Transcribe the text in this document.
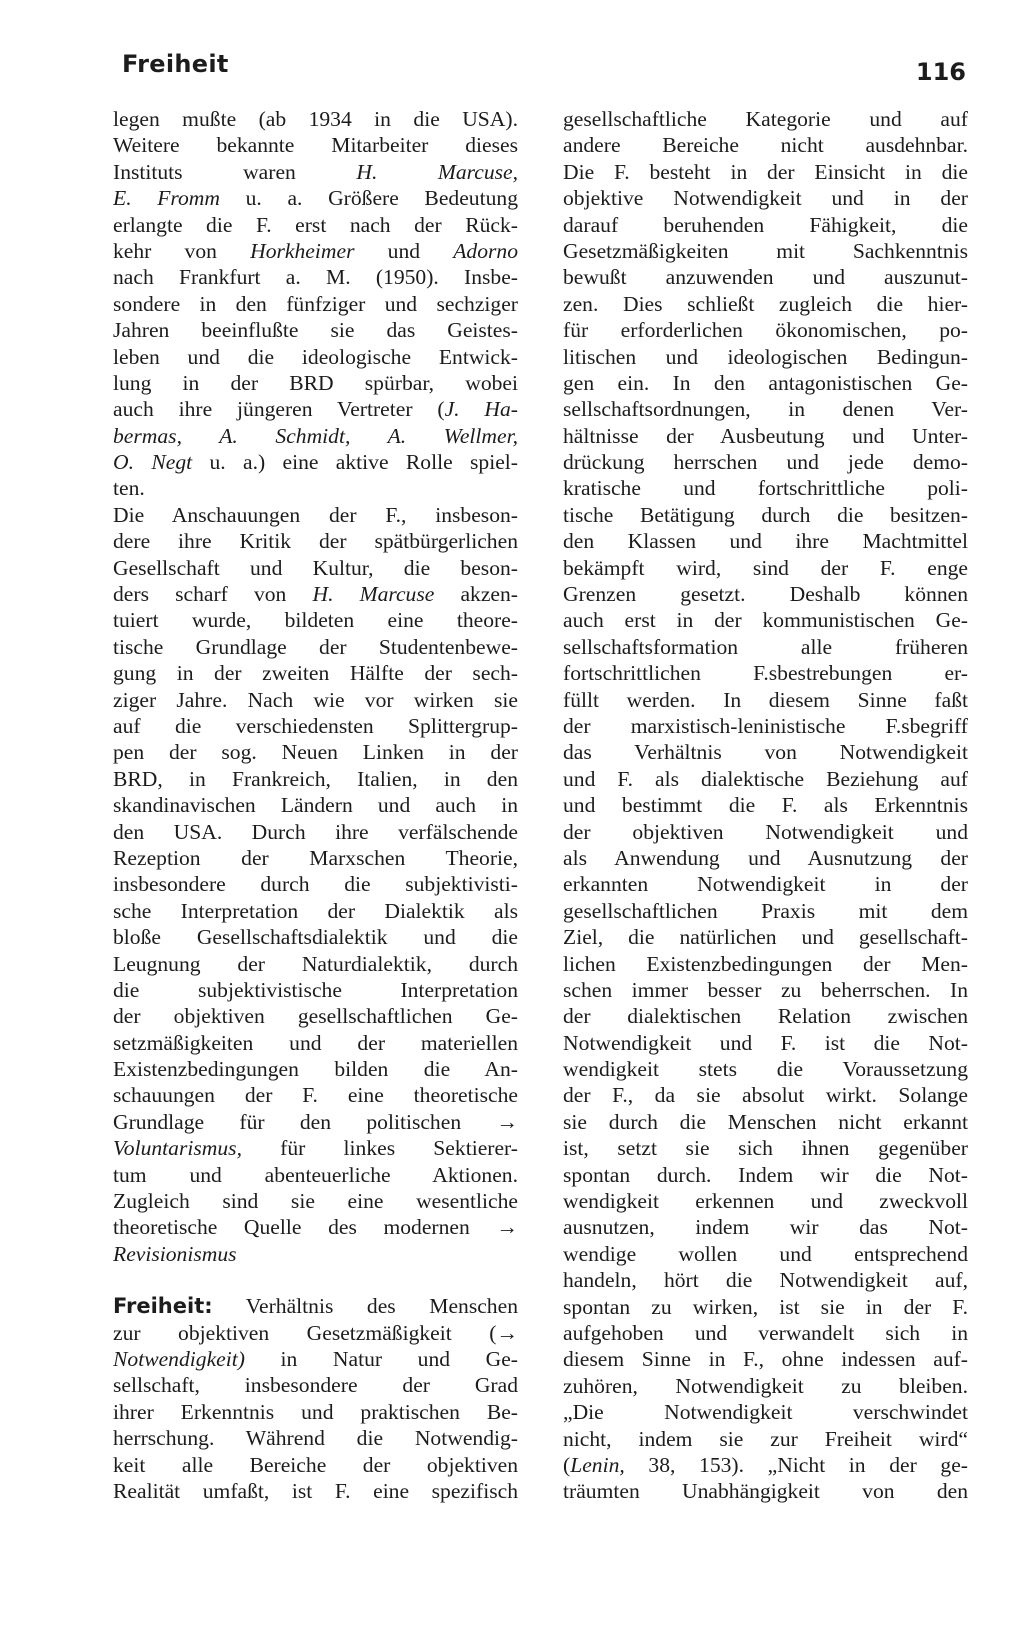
Freiheit	116
legen mußte (ab 1934 in die USA).
Weitere bekannte Mitarbeiter dieses
Instituts waren H. Marcuse,
E. Fromm u. a. Größere Bedeutung
erlangte die F. erst nach der Rück-
kehr von Horkheimer und Adorno
nach Frankfurt a. M. (1950). Insbe-
sondere in den fünfziger und sechziger
Jahren beeinflußte sie das Geistes-
leben und die ideologische Entwick-
lung in der BRD spürbar, wobei
auch ihre jüngeren Vertreter (J. Ha-
bermas, A. Schmidt, A. Wellmer,
O. Negt u. a.) eine aktive Rolle spiel-
ten.
Die Anschauungen der F., insbeson-
dere ihre Kritik der spätbürgerlichen
Gesellschaft und Kultur, die beson-
ders scharf von H. Marcuse akzen-
tuiert wurde, bildeten eine theore-
tische Grundlage der Studentenbewe-
gung in der zweiten Hälfte der sech-
ziger Jahre. Nach wie vor wirken sie
auf die verschiedensten Splittergrup-
pen der sog. Neuen Linken in der
BRD, in Frankreich, Italien, in den
skandinavischen Ländern und auch in
den USA. Durch ihre verfälschende
Rezeption der Marxschen Theorie,
insbesondere durch die subjektivisti-
sche Interpretation der Dialektik als
bloße Gesellschaftsdialektik und die
Leugnung der Naturdialektik, durch
die subjektivistische Interpretation
der objektiven gesellschaftlichen Ge-
setzmäßigkeiten und der materiellen
Existenzbedingungen bilden die An-
schauungen der F. eine theoretische
Grundlage für den politischen →
Voluntarismus, für linkes Sektierer-
tum und abenteuerliche Aktionen.
Zugleich sind sie eine wesentliche
theoretische Quelle des modernen →
Revisionismus
Freiheit: Verhältnis des Menschen
zur objektiven Gesetzmäßigkeit (→
Notwendigkeit) in Natur und Ge-
sellschaft, insbesondere der Grad
ihrer Erkenntnis und praktischen Be-
herrschung. Während die Notwendig-
keit alle Bereiche der objektiven
Realität umfaßt, ist F. eine spezifisch
gesellschaftliche Kategorie und auf
andere Bereiche nicht ausdehnbar.
Die F. besteht in der Einsicht in die
objektive Notwendigkeit und in der
darauf beruhenden Fähigkeit, die
Gesetzmäßigkeiten mit Sachkenntnis
bewußt anzuwenden und auszunut-
zen. Dies schließt zugleich die hier-
für erforderlichen ökonomischen, po-
litischen und ideologischen Bedingun-
gen ein. In den antagonistischen Ge-
sellschaftsordnungen, in denen Ver-
hältnisse der Ausbeutung und Unter-
drückung herrschen und jede demo-
kratische und fortschrittliche poli-
tische Betätigung durch die besitzen-
den Klassen und ihre Machtmittel
bekämpft wird, sind der F. enge
Grenzen gesetzt. Deshalb können
auch erst in der kommunistischen Ge-
sellschaftsformation alle früheren
fortschrittlichen F.sbestrebungen er-
füllt werden. In diesem Sinne faßt
der marxistisch-leninistische F.sbegriff
das Verhältnis von Notwendigkeit
und F. als dialektische Beziehung auf
und bestimmt die F. als Erkenntnis
der objektiven Notwendigkeit und
als Anwendung und Ausnutzung der
erkannten Notwendigkeit in der
gesellschaftlichen Praxis mit dem
Ziel, die natürlichen und gesellschaft-
lichen Existenzbedingungen der Men-
schen immer besser zu beherrschen. In
der dialektischen Relation zwischen
Notwendigkeit und F. ist die Not-
wendigkeit stets die Voraussetzung
der F., da sie absolut wirkt. Solange
sie durch die Menschen nicht erkannt
ist, setzt sie sich ihnen gegenüber
spontan durch. Indem wir die Not-
wendigkeit erkennen und zweckvoll
ausnutzen, indem wir das Not-
wendige wollen und entsprechend
handeln, hört die Notwendigkeit auf,
spontan zu wirken, ist sie in der F.
aufgehoben und verwandelt sich in
diesem Sinne in F., ohne indessen auf-
zuhören, Notwendigkeit zu bleiben.
„Die Notwendigkeit verschwindet
nicht, indem sie zur Freiheit wird“
(Lenin, 38, 153). „Nicht in der ge-
träumten Unabhängigkeit von den
